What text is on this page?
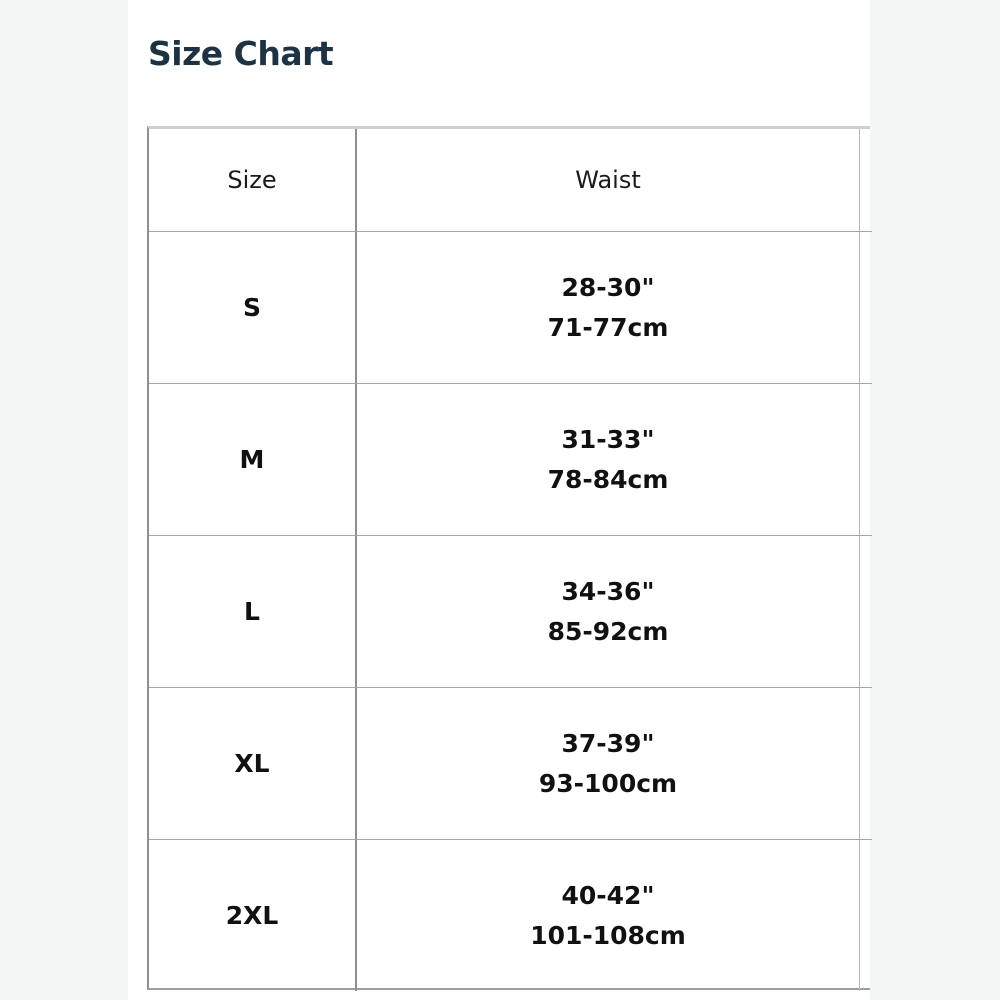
Size Chart
Size	Waist
S
28-30"
71-77cm
M
31-33"
78-84cm
L
34-36"
85-92cm
XL
37-39"
93-100cm
2XL
40-42"
101-108cm
